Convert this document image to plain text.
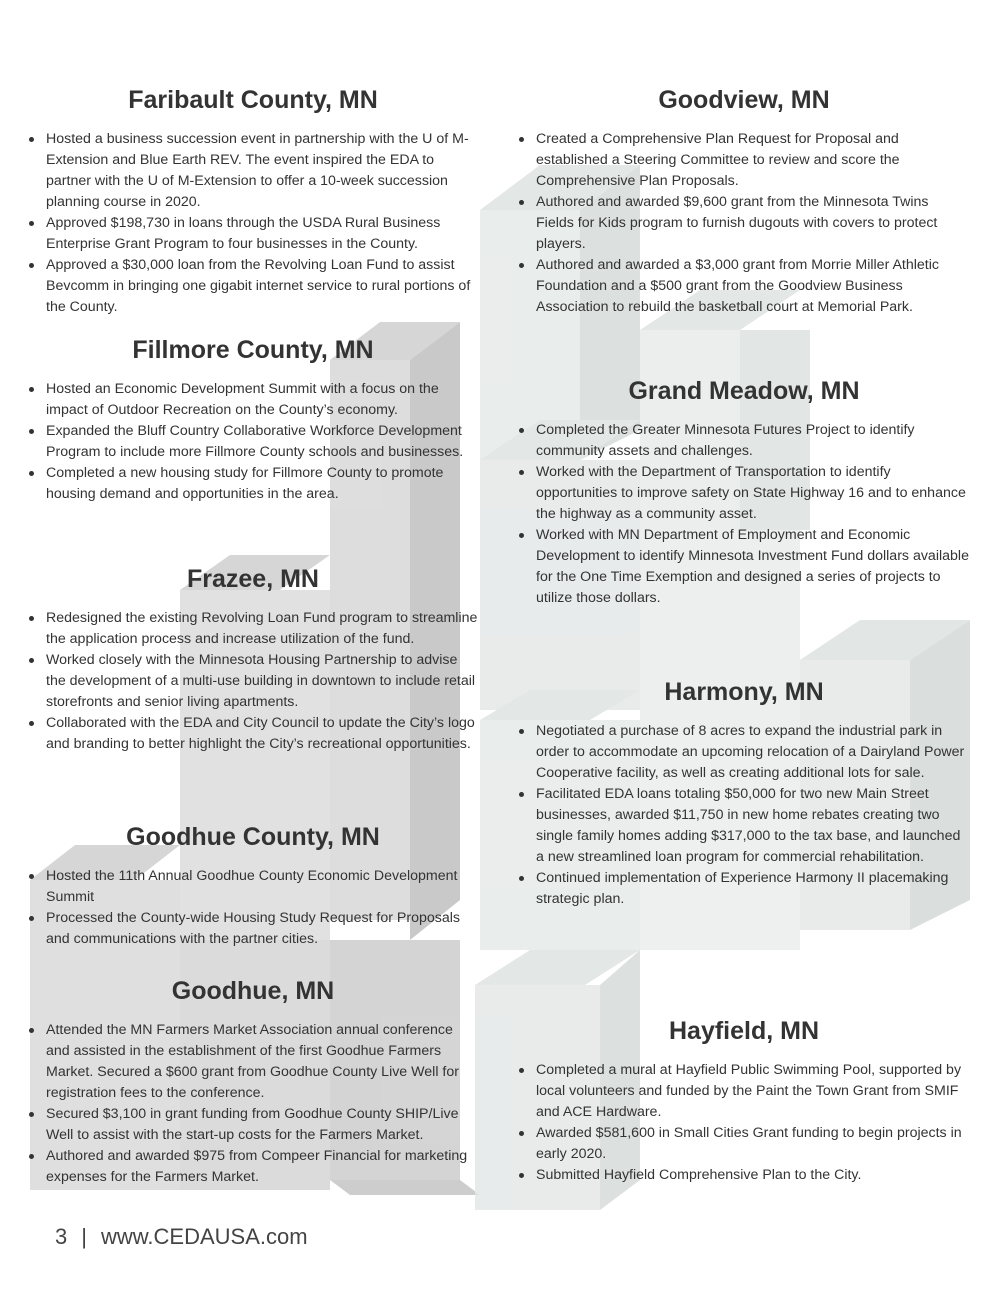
Faribault County, MN
Hosted a business succession event in partnership with the U of M-Extension and Blue Earth REV. The event inspired the EDA to partner with the U of M-Extension to offer a 10-week succession planning course in 2020.
Approved $198,730 in loans through the USDA Rural Business Enterprise Grant Program to four businesses in the County.
Approved a $30,000 loan from the Revolving Loan Fund to assist Bevcomm in bringing one gigabit internet service to rural portions of the County.
Fillmore County, MN
Hosted an Economic Development Summit with a focus on the impact of Outdoor Recreation on the County’s economy.
Expanded the Bluff Country Collaborative Workforce Development Program to include more Fillmore County schools and businesses.
Completed a new housing study for Fillmore County to promote housing demand and opportunities in the area.
Frazee, MN
Redesigned the existing Revolving Loan Fund program to streamline the application process and increase utilization of the fund.
Worked closely with the Minnesota Housing Partnership to advise the development of a multi-use building in downtown to include retail storefronts and senior living apartments.
Collaborated with the EDA and City Council to update the City’s logo and branding to better highlight the City’s recreational opportunities.
Goodhue County, MN
Hosted the 11th Annual Goodhue County Economic Development Summit
Processed the County-wide Housing Study Request for Proposals and communications with the partner cities.
Goodhue, MN
Attended the MN Farmers Market Association annual conference and assisted in the establishment of the first Goodhue Farmers Market. Secured a $600 grant from Goodhue County Live Well for registration fees to the conference.
Secured $3,100 in grant funding from Goodhue County SHIP/Live Well to assist with the start-up costs for the Farmers Market.
Authored and awarded $975 from Compeer Financial for marketing expenses for the Farmers Market.
Goodview, MN
Created a Comprehensive Plan Request for Proposal and established a Steering Committee to review and score the Comprehensive Plan Proposals.
Authored and awarded $9,600 grant from the Minnesota Twins Fields for Kids program to furnish dugouts with covers to protect players.
Authored and awarded a $3,000 grant from Morrie Miller Athletic Foundation and a $500 grant from the Goodview Business Association to rebuild the basketball court at Memorial Park.
Grand Meadow, MN
Completed the Greater Minnesota Futures Project to identify community assets and challenges.
Worked with the Department of Transportation to identify opportunities to improve safety on State Highway 16 and to enhance the highway as a community asset.
Worked with MN Department of Employment and Economic Development to identify Minnesota Investment Fund dollars available for the One Time Exemption and designed a series of projects to utilize those dollars.
Harmony, MN
Negotiated a purchase of 8 acres to expand the industrial park in order to accommodate an upcoming relocation of a Dairyland Power Cooperative facility, as well as creating additional lots for sale.
Facilitated EDA loans totaling $50,000 for two new Main Street businesses, awarded $11,750 in new home rebates creating two single family homes adding $317,000 to the tax base, and launched a new streamlined loan program for commercial rehabilitation.
Continued implementation of Experience Harmony II placemaking strategic plan.
Hayfield, MN
Completed a mural at Hayfield Public Swimming Pool, supported by local volunteers and funded by the Paint the Town Grant from SMIF and ACE Hardware.
Awarded $581,600 in Small Cities Grant funding to begin projects in early 2020.
Submitted Hayfield Comprehensive Plan to the City.
3 | www.CEDAUSA.com
